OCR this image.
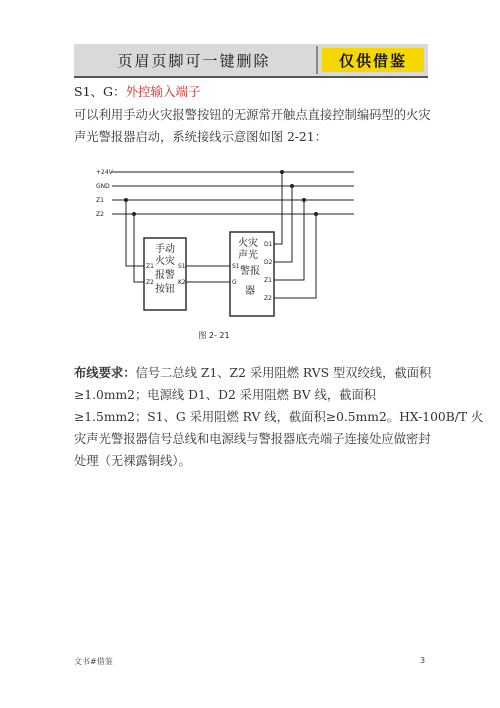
页眉页脚可一键删除	仅供借鉴
S1、G：外控输入端子
可以利用手动火灾报警按钮的无源常开触点直接控制编码型的火灾
声光警报器启动，系统接线示意图如图 2-21：
+24V
GND
Z1
Z2
Z1
Z2
S1
K2
S1
G
D1
D2
Z1
Z2
手动
火灾
报警
按钮
火灾
声光
警报
器
图 2- 21
布线要求：信号二总线 Z1、Z2 采用阻燃 RVS 型双绞线，截面积
≥1.0mm2；电源线 D1、D2 采用阻燃 BV 线，截面积
≥1.5mm2；S1、G 采用阻燃 RV 线，截面积≥0.5mm2。HX-100B/T 火
灾声光警报器信号总线和电源线与警报器底壳端子连接处应做密封
处理（无裸露铜线）。
文书#借鉴	3
